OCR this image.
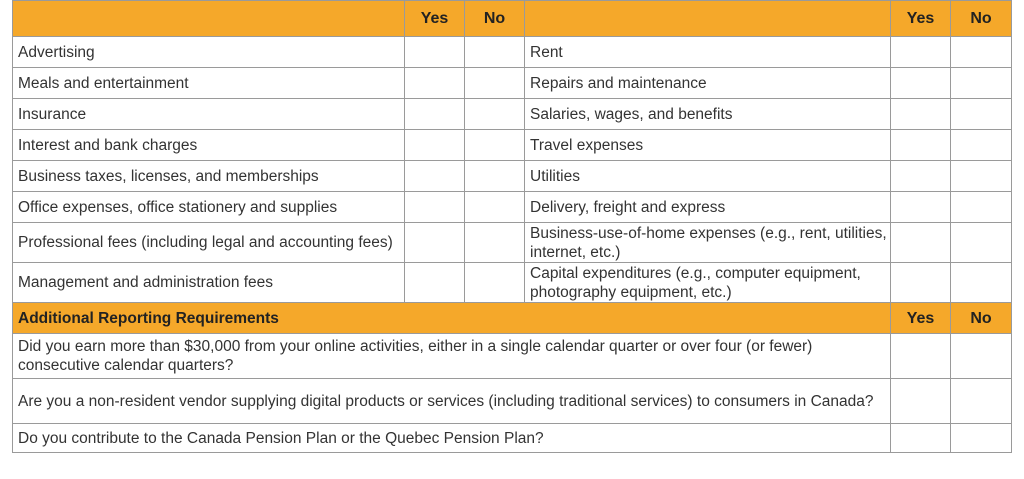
	Yes	No		Yes	No
Advertising			Rent		
Meals and entertainment			Repairs and maintenance		
Insurance			Salaries, wages, and benefits		
Interest and bank charges			Travel expenses		
Business taxes, licenses, and memberships			Utilities		
Office expenses, office stationery and supplies			Delivery, freight and express		
Professional fees (including legal and accounting fees)			Business-use-of-home expenses (e.g., rent, utilities, internet, etc.)		
Management and administration fees			Capital expenditures (e.g., computer equipment, photography equipment, etc.)		
Additional Reporting Requirements				Yes	No
Did you earn more than $30,000 from your online activities, either in a single calendar quarter or over four (or fewer) consecutive calendar quarters?					
Are you a non-resident vendor supplying digital products or services (including traditional services) to consumers in Canada?					
Do you contribute to the Canada Pension Plan or the Quebec Pension Plan?					
